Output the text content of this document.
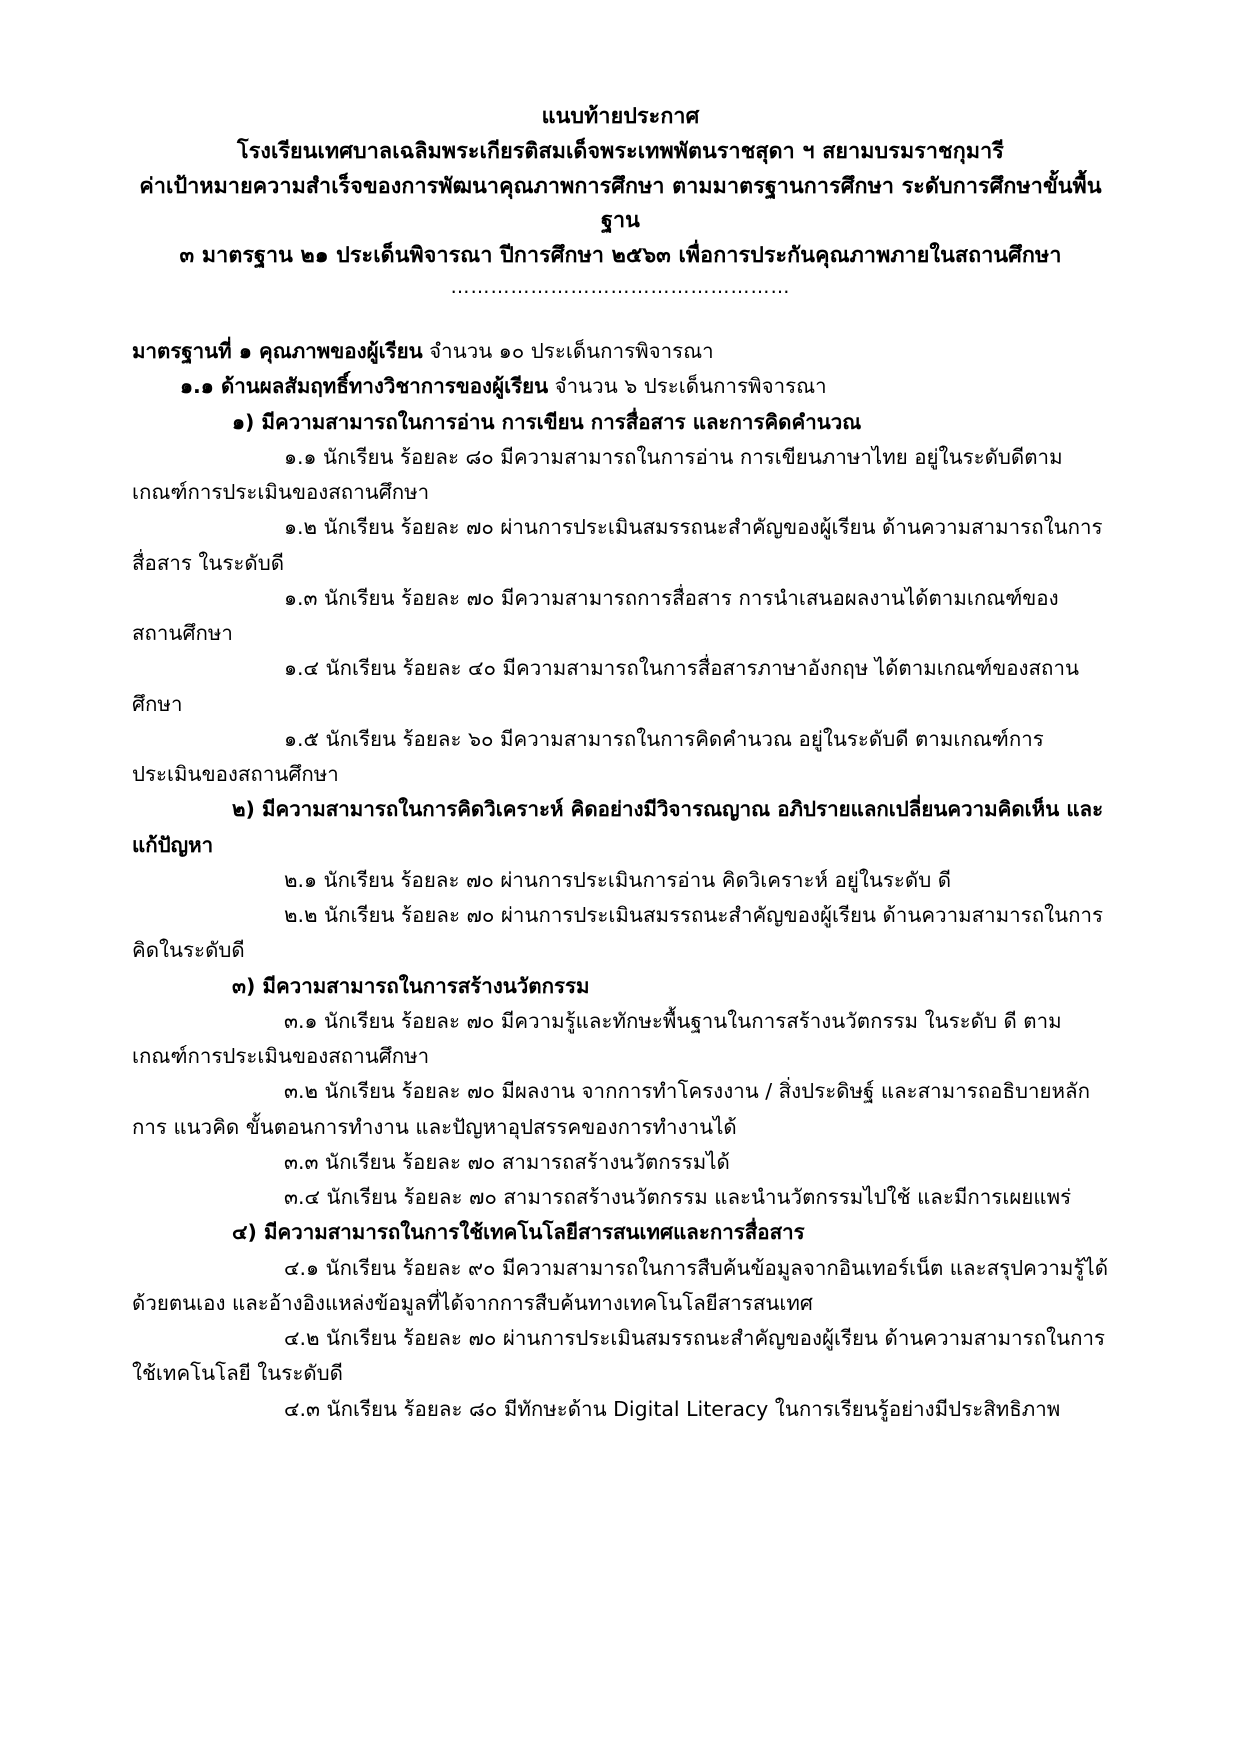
แนบท้ายประกาศ

โรงเรียนเทศบาลเฉลิมพระเกียรติสมเด็จพระเทพพัตนราชสุดา ฯ สยามบรมราชกุมารี

ค่าเป้าหมายความสำเร็จของการพัฒนาคุณภาพการศึกษา ตามมาตรฐานการศึกษา ระดับการศึกษาขั้นพื้นฐาน

๓ มาตรฐาน ๒๑ ประเด็นพิจารณา ปีการศึกษา ๒๕๖๓ เพื่อการประกันคุณภาพภายในสถานศึกษา

……………………………………………

มาตรฐานที่ ๑ คุณภาพของผู้เรียน จำนวน ๑๐ ประเด็นการพิจารณา

๑.๑ ด้านผลสัมฤทธิ์ทางวิชาการของผู้เรียน จำนวน ๖ ประเด็นการพิจารณา

๑) มีความสามารถในการอ่าน การเขียน การสื่อสาร และการคิดคำนวณ

๑.๑ นักเรียน ร้อยละ ๘๐ มีความสามารถในการอ่าน การเขียนภาษาไทย อยู่ในระดับดีตามเกณฑ์การประเมินของสถานศึกษา

๑.๒ นักเรียน ร้อยละ ๗๐ ผ่านการประเมินสมรรถนะสำคัญของผู้เรียน ด้านความสามารถในการสื่อสาร ในระดับดี

๑.๓ นักเรียน ร้อยละ ๗๐ มีความสามารถการสื่อสาร การนำเสนอผลงานได้ตามเกณฑ์ของสถานศึกษา

๑.๔ นักเรียน ร้อยละ ๔๐ มีความสามารถในการสื่อสารภาษาอังกฤษ ได้ตามเกณฑ์ของสถานศึกษา

๑.๕ นักเรียน ร้อยละ ๖๐ มีความสามารถในการคิดคำนวณ อยู่ในระดับดี ตามเกณฑ์การประเมินของสถานศึกษา

๒) มีความสามารถในการคิดวิเคราะห์ คิดอย่างมีวิจารณญาณ อภิปรายแลกเปลี่ยนความคิดเห็น และแก้ปัญหา

๒.๑ นักเรียน ร้อยละ ๗๐ ผ่านการประเมินการอ่าน คิดวิเคราะห์ อยู่ในระดับ ดี

๒.๒ นักเรียน ร้อยละ ๗๐ ผ่านการประเมินสมรรถนะสำคัญของผู้เรียน ด้านความสามารถในการคิดในระดับดี

๓) มีความสามารถในการสร้างนวัตกรรม

๓.๑ นักเรียน ร้อยละ ๗๐ มีความรู้และทักษะพื้นฐานในการสร้างนวัตกรรม ในระดับ ดี ตามเกณฑ์การประเมินของสถานศึกษา

๓.๒ นักเรียน ร้อยละ ๗๐ มีผลงาน จากการทำโครงงาน / สิ่งประดิษฐ์ และสามารถอธิบายหลักการ แนวคิด ขั้นตอนการทำงาน และปัญหาอุปสรรคของการทำงานได้

๓.๓ นักเรียน ร้อยละ ๗๐ สามารถสร้างนวัตกรรมได้

๓.๔ นักเรียน ร้อยละ ๗๐ สามารถสร้างนวัตกรรม และนำนวัตกรรมไปใช้ และมีการเผยแพร่

๔) มีความสามารถในการใช้เทคโนโลยีสารสนเทศและการสื่อสาร

๔.๑ นักเรียน ร้อยละ ๙๐ มีความสามารถในการสืบค้นข้อมูลจากอินเทอร์เน็ต และสรุปความรู้ได้ด้วยตนเอง และอ้างอิงแหล่งข้อมูลที่ได้จากการสืบค้นทางเทคโนโลยีสารสนเทศ

๔.๒ นักเรียน ร้อยละ ๗๐ ผ่านการประเมินสมรรถนะสำคัญของผู้เรียน ด้านความสามารถในการใช้เทคโนโลยี ในระดับดี

๔.๓ นักเรียน ร้อยละ ๘๐ มีทักษะด้าน Digital Literacy ในการเรียนรู้อย่างมีประสิทธิภาพ
